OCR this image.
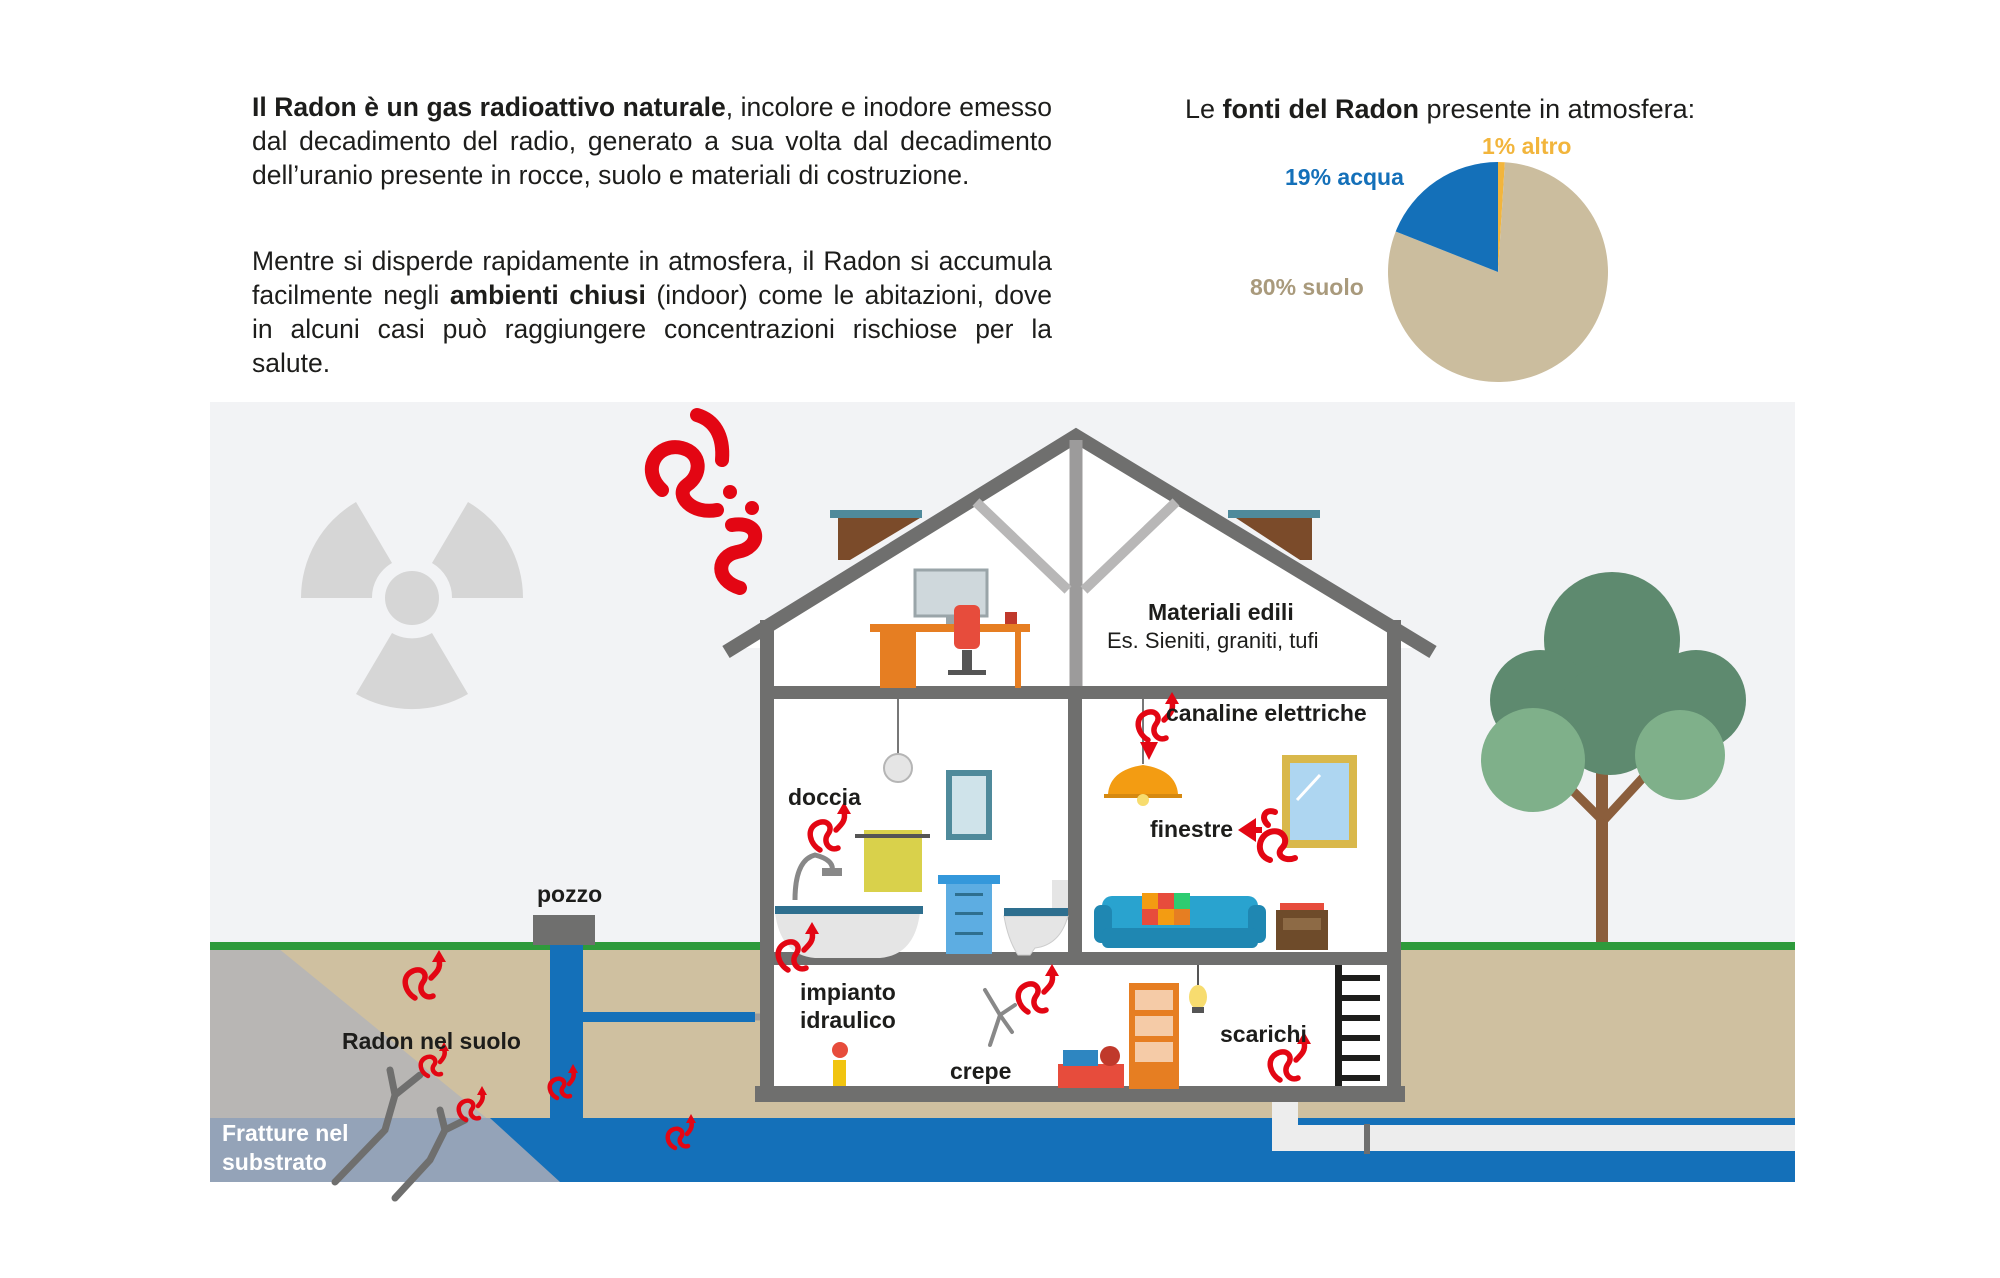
Il Radon è un gas radioattivo naturale, incolore e inodore emesso dal decadimento del radio, generato a sua volta dal decadimento dell’uranio presente in rocce, suolo e materiali di costruzione.

Mentre si disperde rapidamente in atmosfera, il Radon si accumula facilmente negli ambienti chiusi (indoor) come le abitazioni, dove in alcuni casi può raggiungere concentrazioni rischiose per la salute.

Le fonti del Radon presente in atmosfera:

1% altro
19% acqua
80% suolo
Materiali edili
Es. Sieniti, graniti, tufi
canaline elettriche
doccia
finestre
pozzo
impianto
idraulico
crepe
scarichi
Radon nel suolo
Fratture nel
substrato
roccioso
Radon nelle acque sotterranee
